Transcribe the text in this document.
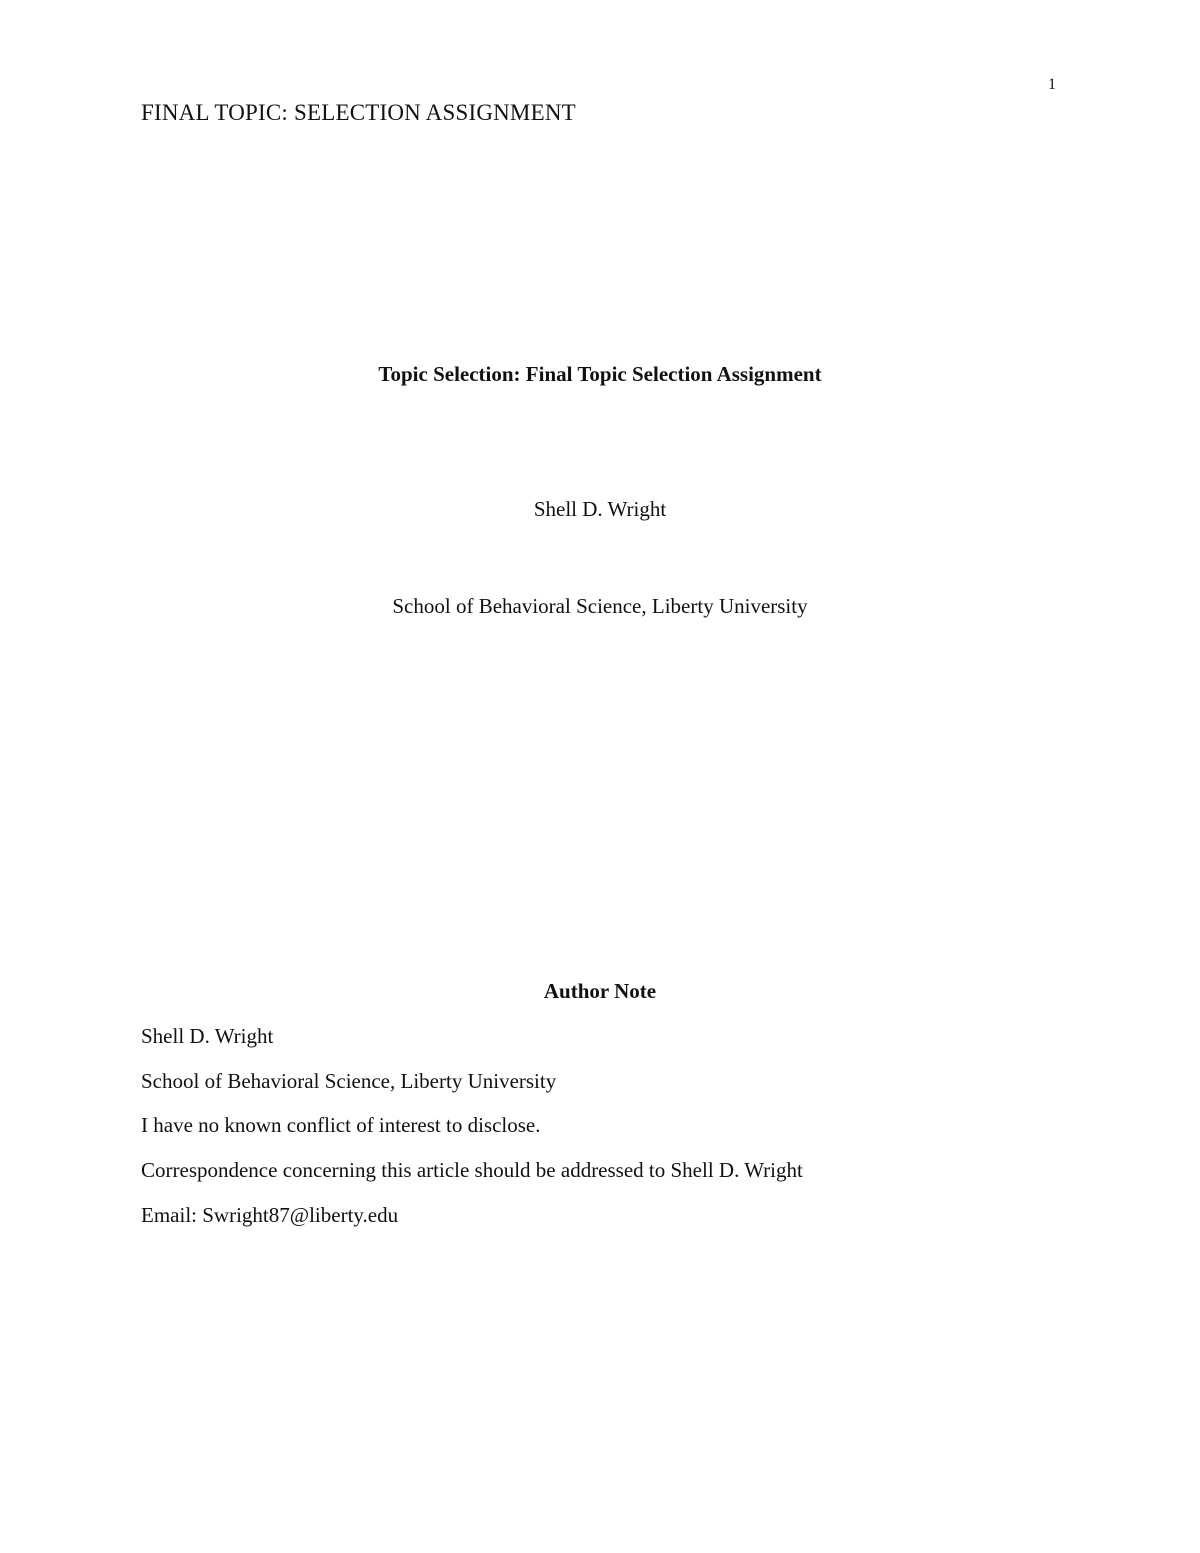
1
FINAL TOPIC: SELECTION ASSIGNMENT
Topic Selection: Final Topic Selection Assignment
Shell D. Wright
School of Behavioral Science, Liberty University
Author Note
Shell D. Wright
School of Behavioral Science, Liberty University
I have no known conflict of interest to disclose.
Correspondence concerning this article should be addressed to Shell D. Wright
Email: Swright87@liberty.edu
